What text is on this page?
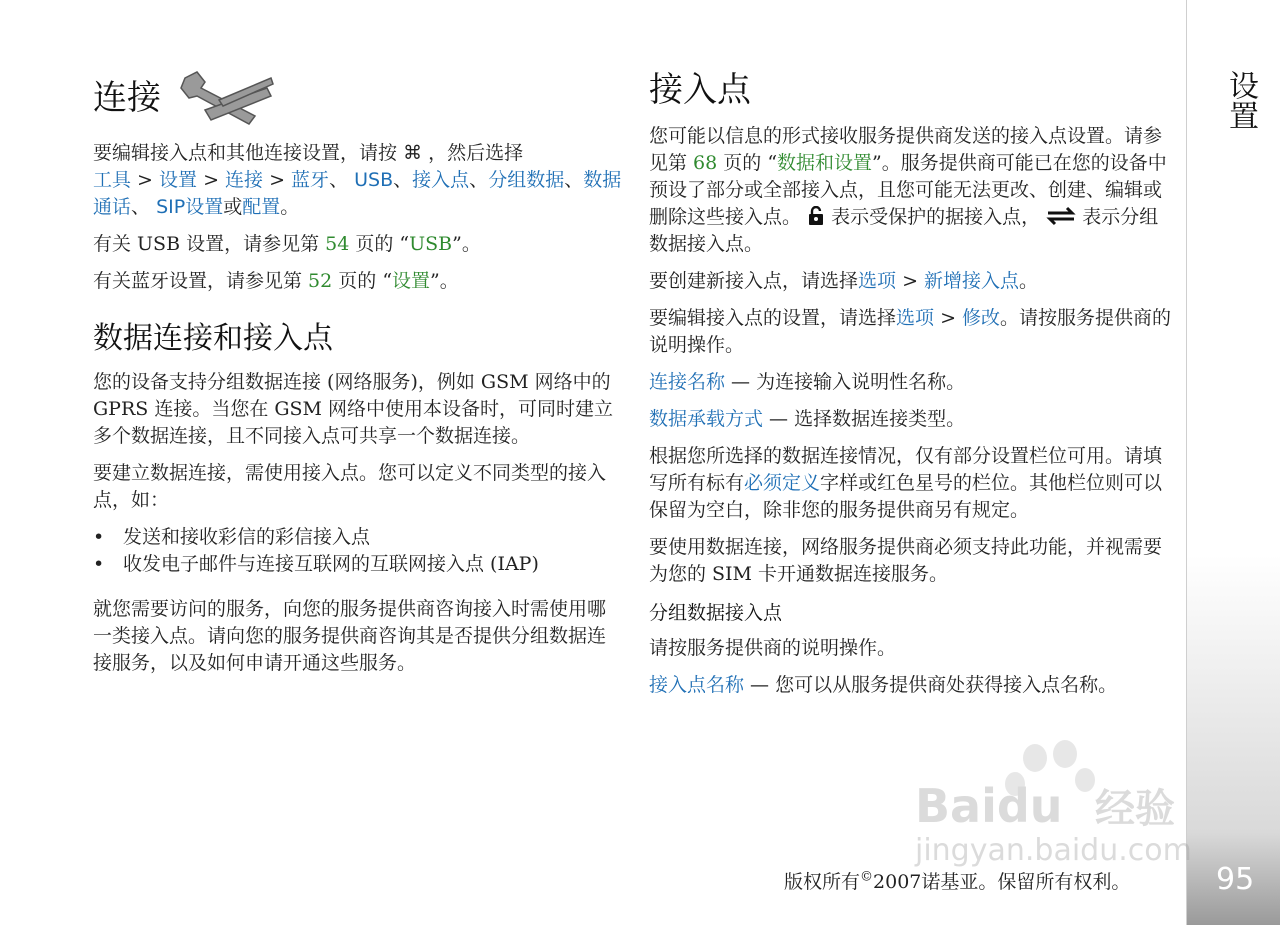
设置
95
连接

要编辑接入点和其他连接设置，请按 ⌘ ，然后选择
工具 > 设置 > 连接 > 蓝牙、 USB、接入点、分组数据、数据通话、 SIP设置或配置。

有关 USB 设置，请参见第 54 页的 “USB”。

有关蓝牙设置，请参见第 52 页的 “设置”。

数据连接和接入点

您的设备支持分组数据连接 (网络服务)，例如 GSM 网络中的 GPRS 连接。当您在 GSM 网络中使用本设备时，可同时建立多个数据连接，且不同接入点可共享一个数据连接。

要建立数据连接，需使用接入点。您可以定义不同类型的接入点，如：

• 发送和接收彩信的彩信接入点
• 收发电子邮件与连接互联网的互联网接入点 (IAP)

就您需要访问的服务，向您的服务提供商咨询接入时需使用哪一类接入点。请向您的服务提供商咨询其是否提供分组数据连接服务，以及如何申请开通这些服务。

接入点

您可能以信息的形式接收服务提供商发送的接入点设置。请参见第 68 页的 “数据和设置”。服务提供商可能已在您的设备中预设了部分或全部接入点，且您可能无法更改、创建、编辑或删除这些接入点。  表示受保护的据接入点，  表示分组数据接入点。

要创建新接入点，请选择选项 > 新增接入点。

要编辑接入点的设置，请选择选项 > 修改。请按服务提供商的说明操作。

连接名称 — 为连接输入说明性名称。

数据承载方式 — 选择数据连接类型。

根据您所选择的数据连接情况，仅有部分设置栏位可用。请填写所有标有必须定义字样或红色星号的栏位。其他栏位则可以保留为空白，除非您的服务提供商另有规定。

要使用数据连接，网络服务提供商必须支持此功能，并视需要为您的 SIM 卡开通数据连接服务。

分组数据接入点

请按服务提供商的说明操作。

接入点名称 — 您可以从服务提供商处获得接入点名称。

Baidu 经验
jingyan.baidu.com
版权所有©2007诺基亚。保留所有权利。
